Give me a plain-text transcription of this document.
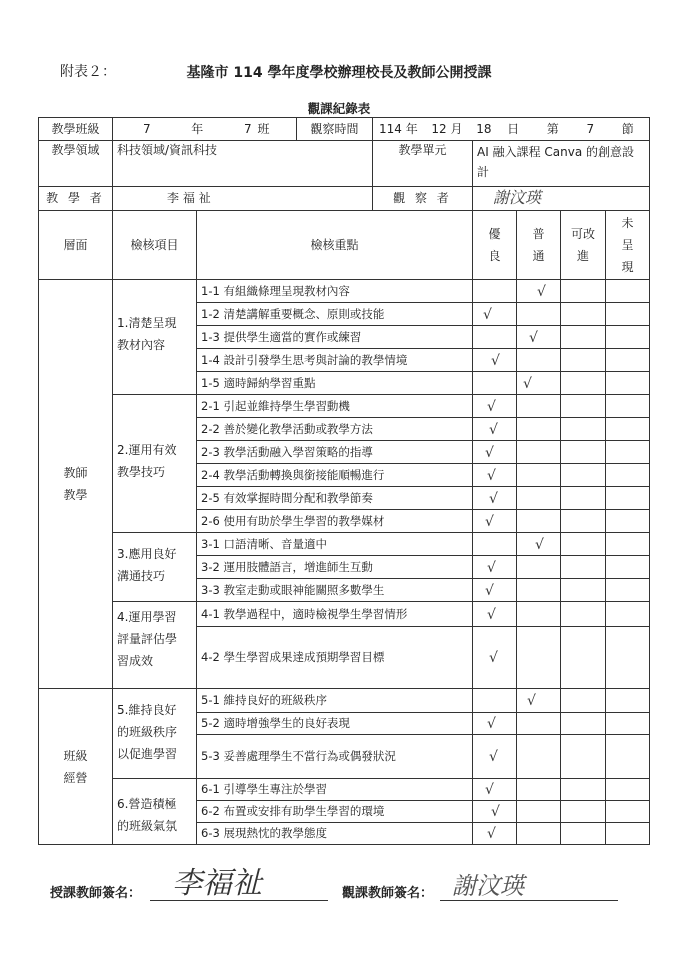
附表２：	基隆市 114 學年度學校辦理校長及教師公開授課
觀課紀錄表
教學班級	7 年 7 班		觀察時間	114 年 12 月 18 日 第 7 節				
教學領域	科技領域/資訊科技			教學單元	AI 融入課程 Canva 的創意設計			
教 學 者	李 福 祉			觀 察 者	謝汶瑛			
層面	檢核項目	檢核重點			優良	普通	可改進	未呈現

教師教學	1.清楚呈現教材內容	1-1 有組織條理呈現教材內容				√		

		1-2 清楚講解重要概念、原則或技能			√			

		1-3 提供學生適當的實作或練習				√		

		1-4 設計引發學生思考與討論的教學情境			√			

		1-5 適時歸納學習重點				√		

	2.運用有效教學技巧	2-1 引起並維持學生學習動機			√			

		2-2 善於變化教學活動或教學方法			√			

		2-3 教學活動融入學習策略的指導			√			

		2-4 教學活動轉換與銜接能順暢進行			√			

		2-5 有效掌握時間分配和教學節奏			√			

		2-6 使用有助於學生學習的教學媒材			√			

	3.應用良好溝通技巧	3-1 口語清晰、音量適中				√		

		3-2 運用肢體語言，增進師生互動			√			

		3-3 教室走動或眼神能關照多數學生			√			

	4.運用學習評量評估學習成效	4-1 教學過程中，適時檢視學生學習情形			√			

		4-2 學生學習成果達成預期學習目標			√			

班級經營	5.維持良好的班級秩序以促進學習	5-1 維持良好的班級秩序				√		

		5-2 適時增強學生的良好表現			√			

		5-3 妥善處理學生不當行為或偶發狀況			√			

	6.營造積極的班級氣氛	6-1 引導學生專注於學習			√			

		6-2 布置或安排有助學生學習的環境			√			

		6-3 展現熱忱的教學態度			√			

授課教師簽名： 李福祉	觀課教師簽名： 謝汶瑛
